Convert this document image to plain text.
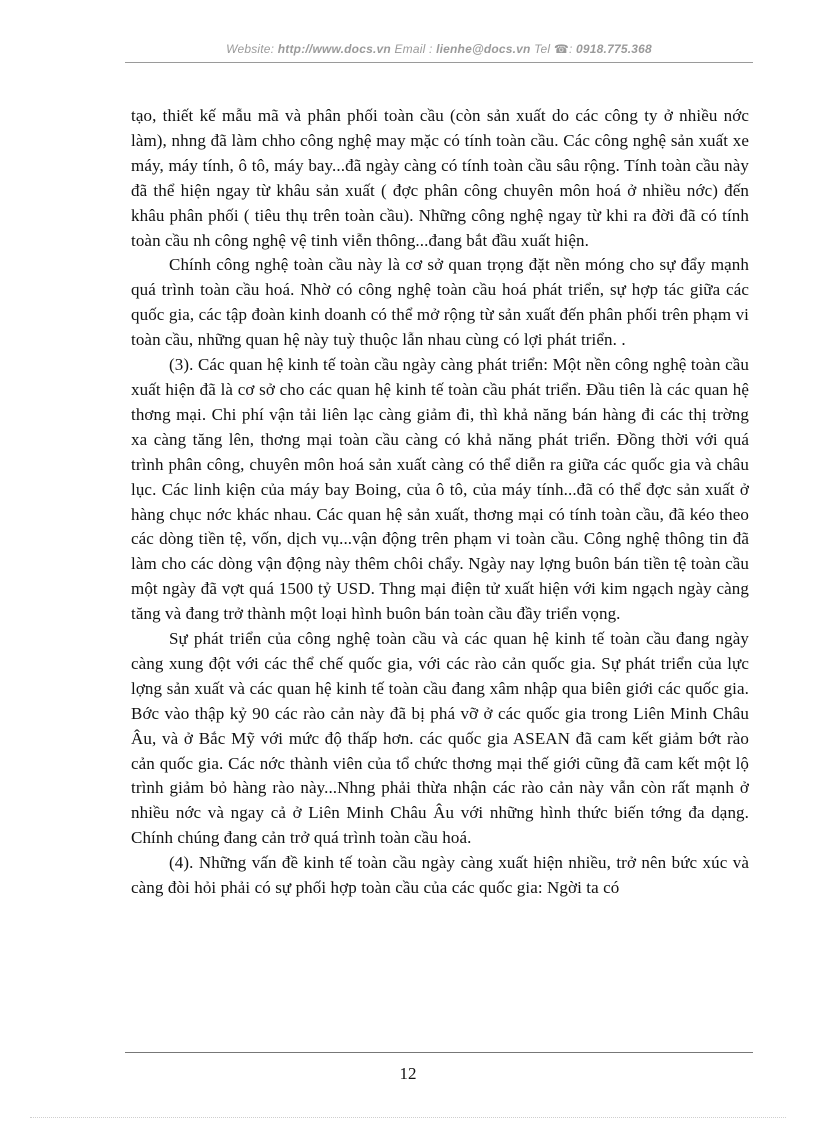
Website: http://www.docs.vn Email : lienhe@docs.vn Tel ☎: 0918.775.368

tạo, thiết kế mẫu mã và phân phối toàn cầu (còn sản xuất do các công ty ở nhiều nớc làm), nhng đã làm chho công nghệ may mặc có tính toàn cầu. Các công nghệ sản xuất xe máy, máy tính, ô tô, máy bay...đã ngày càng có tính toàn cầu sâu rộng. Tính toàn cầu này đã thể hiện ngay từ khâu sản xuất ( đợc phân công chuyên môn hoá ở nhiều nớc) đến khâu phân phối ( tiêu thụ trên toàn cầu). Những công nghệ ngay từ khi ra đời đã có tính toàn cầu nh công nghệ vệ tinh viễn thông...đang bắt đầu xuất hiện.

Chính công nghệ toàn cầu này là cơ sở quan trọng đặt nền móng cho sự đẩy mạnh quá trình toàn cầu hoá. Nhờ có công nghệ toàn cầu hoá phát triển, sự hợp tác giữa các quốc gia, các tập đoàn kinh doanh có thể mở rộng từ sản xuất đến phân phối trên phạm vi toàn cầu, những quan hệ này tuỳ thuộc lẫn nhau cùng có lợi phát triển. .

(3). Các quan hệ kinh tế toàn cầu ngày càng phát triển: Một nền công nghệ toàn cầu xuất hiện đã là cơ sở cho các quan hệ kinh tế toàn cầu phát triển. Đầu tiên là các quan hệ thơng mại. Chi phí vận tải liên lạc càng giảm đi, thì khả năng bán hàng đi các thị trờng xa càng tăng lên, thơng mại toàn cầu càng có khả năng phát triển. Đồng thời với quá trình phân công, chuyên môn hoá sản xuất càng có thể diễn ra giữa các quốc gia và châu lục. Các linh kiện của máy bay Boing, của ô tô, của máy tính...đã có thể đợc sản xuất ở hàng chục nớc khác nhau. Các quan hệ sản xuất, thơng mại có tính toàn cầu, đã kéo theo các dòng tiền tệ, vốn, dịch vụ...vận động trên phạm vi toàn cầu. Công nghệ thông tin đã làm cho các dòng vận động này thêm chôi chẩy. Ngày nay lợng buôn bán tiền tệ toàn cầu một ngày đã vợt quá 1500 tỷ USD. Thng mại điện tử xuất hiện với kim ngạch ngày càng tăng và đang trở thành một loại hình buôn bán toàn cầu đầy triển vọng.

Sự phát triển của công nghệ toàn cầu và các quan hệ kinh tế toàn cầu đang ngày càng xung đột với các thể chế quốc gia, với các rào cản quốc gia. Sự phát triển của lực lợng sản xuất và các quan hệ kinh tế toàn cầu đang xâm nhập qua biên giới các quốc gia. Bớc vào thập kỷ 90 các rào cản này đã bị phá vỡ ở các quốc gia trong Liên Minh Châu Âu, và ở Bắc Mỹ với mức độ thấp hơn. các quốc gia ASEAN đã cam kết giảm bớt rào cản quốc gia. Các nớc thành viên của tổ chức thơng mại thế giới cũng đã cam kết một lộ trình giảm bỏ hàng rào này...Nhng phải thừa nhận các rào cản này vẫn còn rất mạnh ở nhiều nớc và ngay cả ở Liên Minh Châu Âu với những hình thức biến tớng đa dạng. Chính chúng đang cản trở quá trình toàn cầu hoá.

(4). Những vấn đề kinh tế toàn cầu ngày càng xuất hiện nhiều, trở nên bức xúc và càng đòi hỏi phải có sự phối hợp toàn cầu của các quốc gia: Ngời ta có

12
